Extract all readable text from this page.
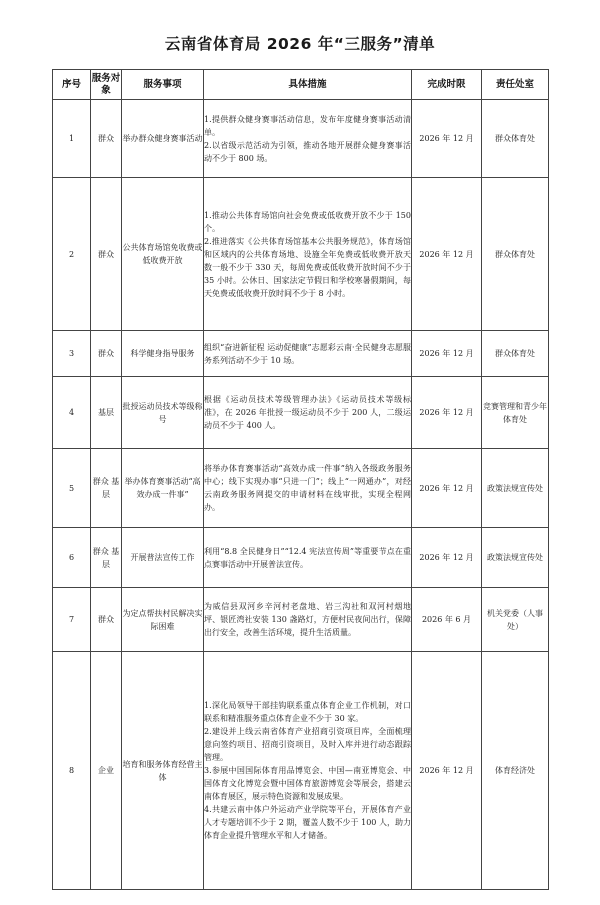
云南省体育局 2026 年“三服务”清单
序号	服务对象	服务事项	具体措施	完成时限	责任处室
1	群众	举办群众健身赛事活动	1.提供群众健身赛事活动信息，发布年度健身赛事活动清单。
2.以省级示范活动为引领，推动各地开展群众健身赛事活动不少于 800 场。	2026 年 12 月	群众体育处
2	群众	公共体育场馆免收费或低收费开放	1.推动公共体育场馆向社会免费或低收费开放不少于 150 个。
2.推进落实《公共体育场馆基本公共服务规范》，体育场馆和区域内的公共体育场地、设施全年免费或低收费开放天数一般不少于 330 天，每周免费或低收费开放时间不少于 35 小时。公休日、国家法定节假日和学校寒暑假期间，每天免费或低收费开放时间不少于 8 小时。	2026 年 12 月	群众体育处
3	群众	科学健身指导服务	组织“奋进新征程 运动促健康”志愿彩云南·全民健身志愿服务系列活动不少于 10 场。	2026 年 12 月	群众体育处
4	基层	批授运动员技术等级称号	根据《运动员技术等级管理办法》《运动员技术等级标准》，在 2026 年批授一级运动员不少于 200 人，二级运动员不少于 400 人。	2026 年 12 月	竞赛管理和青少年体育处
5	群众 基层	举办体育赛事活动“高效办成一件事”	将举办体育赛事活动“高效办成一件事”纳入各级政务服务中心；线下实现办事“只进一门”；线上“一网通办”，对经云南政务服务网提交的申请材料在线审批，实现全程网办。	2026 年 12 月	政策法规宣传处
6	群众 基层	开展普法宣传工作	利用“8.8 全民健身日”“12.4 宪法宣传周”等重要节点在重点赛事活动中开展普法宣传。	2026 年 12 月	政策法规宣传处
7	群众	为定点帮扶村民解决实际困难	为威信县双河乡辛河村老盘地、岩三沟社和双河村烟地坪、银匠湾社安装 130 盏路灯，方便村民夜间出行，保障出行安全，改善生活环境，提升生活质量。	2026 年 6 月	机关党委（人事处）
8	企业	培育和服务体育经营主体	1.深化局领导干部挂钩联系重点体育企业工作机制，对口联系和精准服务重点体育企业不少于 30 家。
2.建设并上线云南省体育产业招商引资项目库，全面梳理意向签约项目、招商引资项目，及时入库并进行动态跟踪管理。
3.参展中国国际体育用品博览会、中国—南亚博览会、中国体育文化博览会暨中国体育旅游博览会等展会，搭建云南体育展区，展示特色资源和发展成果。
4.共建云南中体户外运动产业学院等平台，开展体育产业人才专题培训不少于 2 期，覆盖人数不少于 100 人，助力体育企业提升管理水平和人才储备。	2026 年 12 月	体育经济处
